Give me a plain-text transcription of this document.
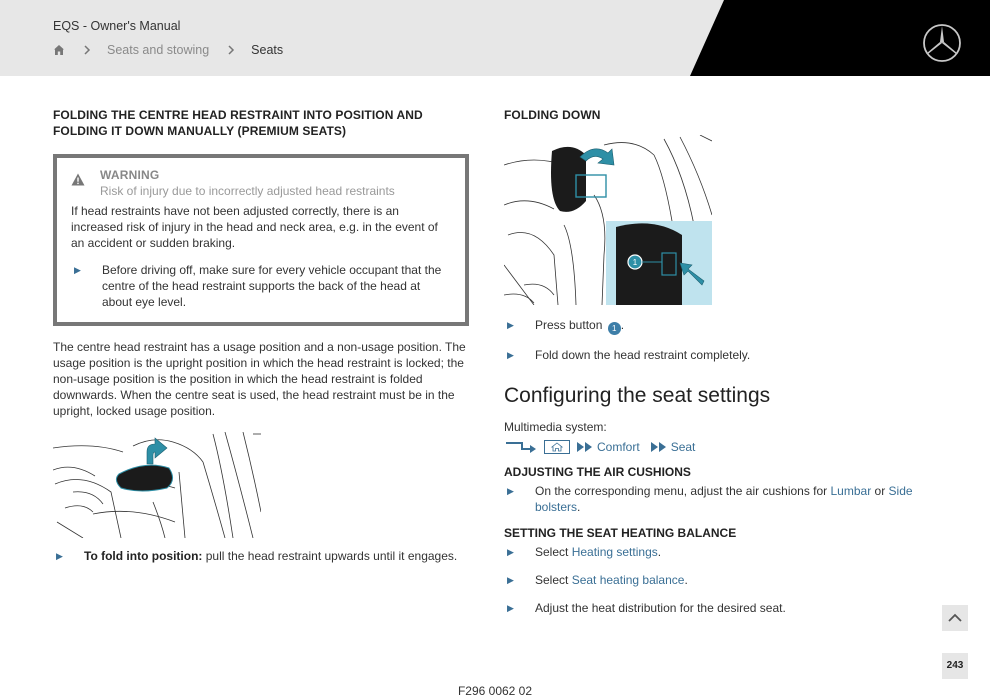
EQS - Owner's Manual
Seats and stowing	Seats
FOLDING THE CENTRE HEAD RESTRAINT INTO POSITION AND FOLDING IT DOWN MANUALLY (PREMIUM SEATS)
WARNING
Risk of injury due to incorrectly adjusted head restraints
If head restraints have not been adjusted correctly, there is an increased risk of injury in the head and neck area, e.g. in the event of an accident or sudden braking.
▶	Before driving off, make sure for every vehicle occupant that the centre of the head restraint supports the back of the head at about eye level.
The centre head restraint has a usage position and a non-usage position. The usage position is the upright position in which the head restraint is locked; the non-usage position is the position in which the head restraint is folded downwards. When the centre seat is used, the head restraint must be in the upright, locked usage position.
▶	To fold into position: pull the head restraint upwards until it engages.
FOLDING DOWN
1
▶	Press button 1 .
▶	Fold down the head restraint completely.
Configuring the seat settings
Multimedia system:
Comfort	Seat
ADJUSTING THE AIR CUSHIONS
▶	On the corresponding menu, adjust the air cushions for Lumbar or Side bolsters.
SETTING THE SEAT HEATING BALANCE
▶	Select Heating settings.
▶	Select Seat heating balance.
▶	Adjust the heat distribution for the desired seat.
243
F296 0062 02
